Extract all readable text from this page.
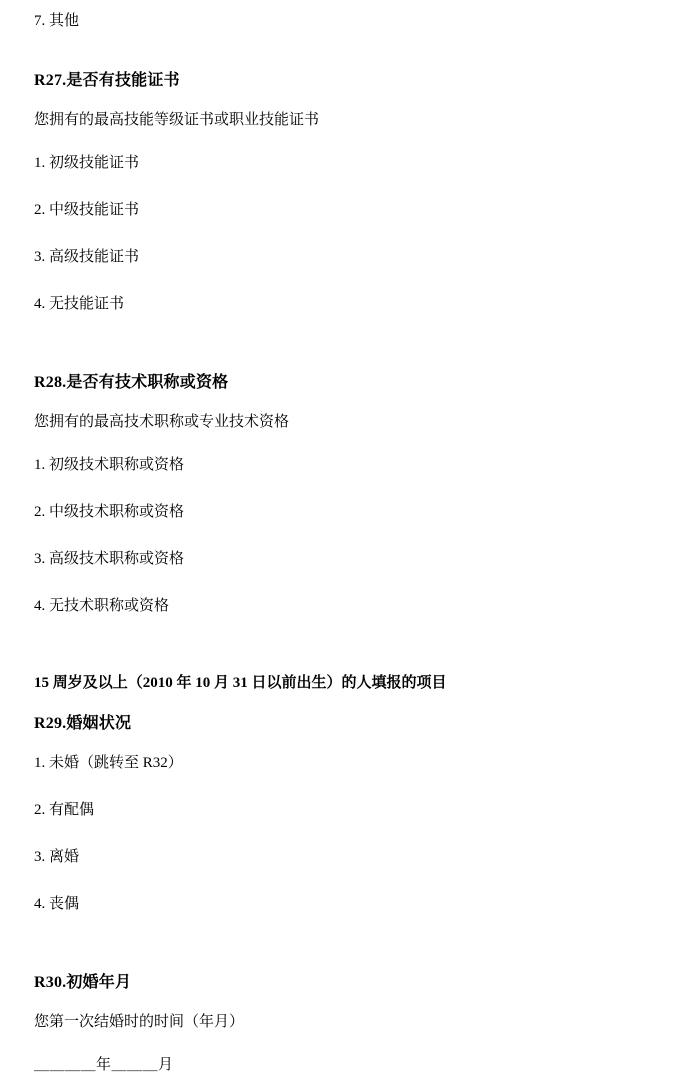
7. 其他

R27.是否有技能证书

您拥有的最高技能等级证书或职业技能证书

1. 初级技能证书

2. 中级技能证书

3. 高级技能证书

4. 无技能证书

R28.是否有技术职称或资格

您拥有的最高技术职称或专业技术资格

1. 初级技术职称或资格

2. 中级技术职称或资格

3. 高级技术职称或资格

4. 无技术职称或资格

15 周岁及以上（2010 年 10 月 31 日以前出生）的人填报的项目

R29.婚姻状况

1. 未婚（跳转至 R32）

2. 有配偶

3. 离婚

4. 丧偶

R30.初婚年月

您第一次结婚时的时间（年月）

＿＿＿＿年＿＿＿月
